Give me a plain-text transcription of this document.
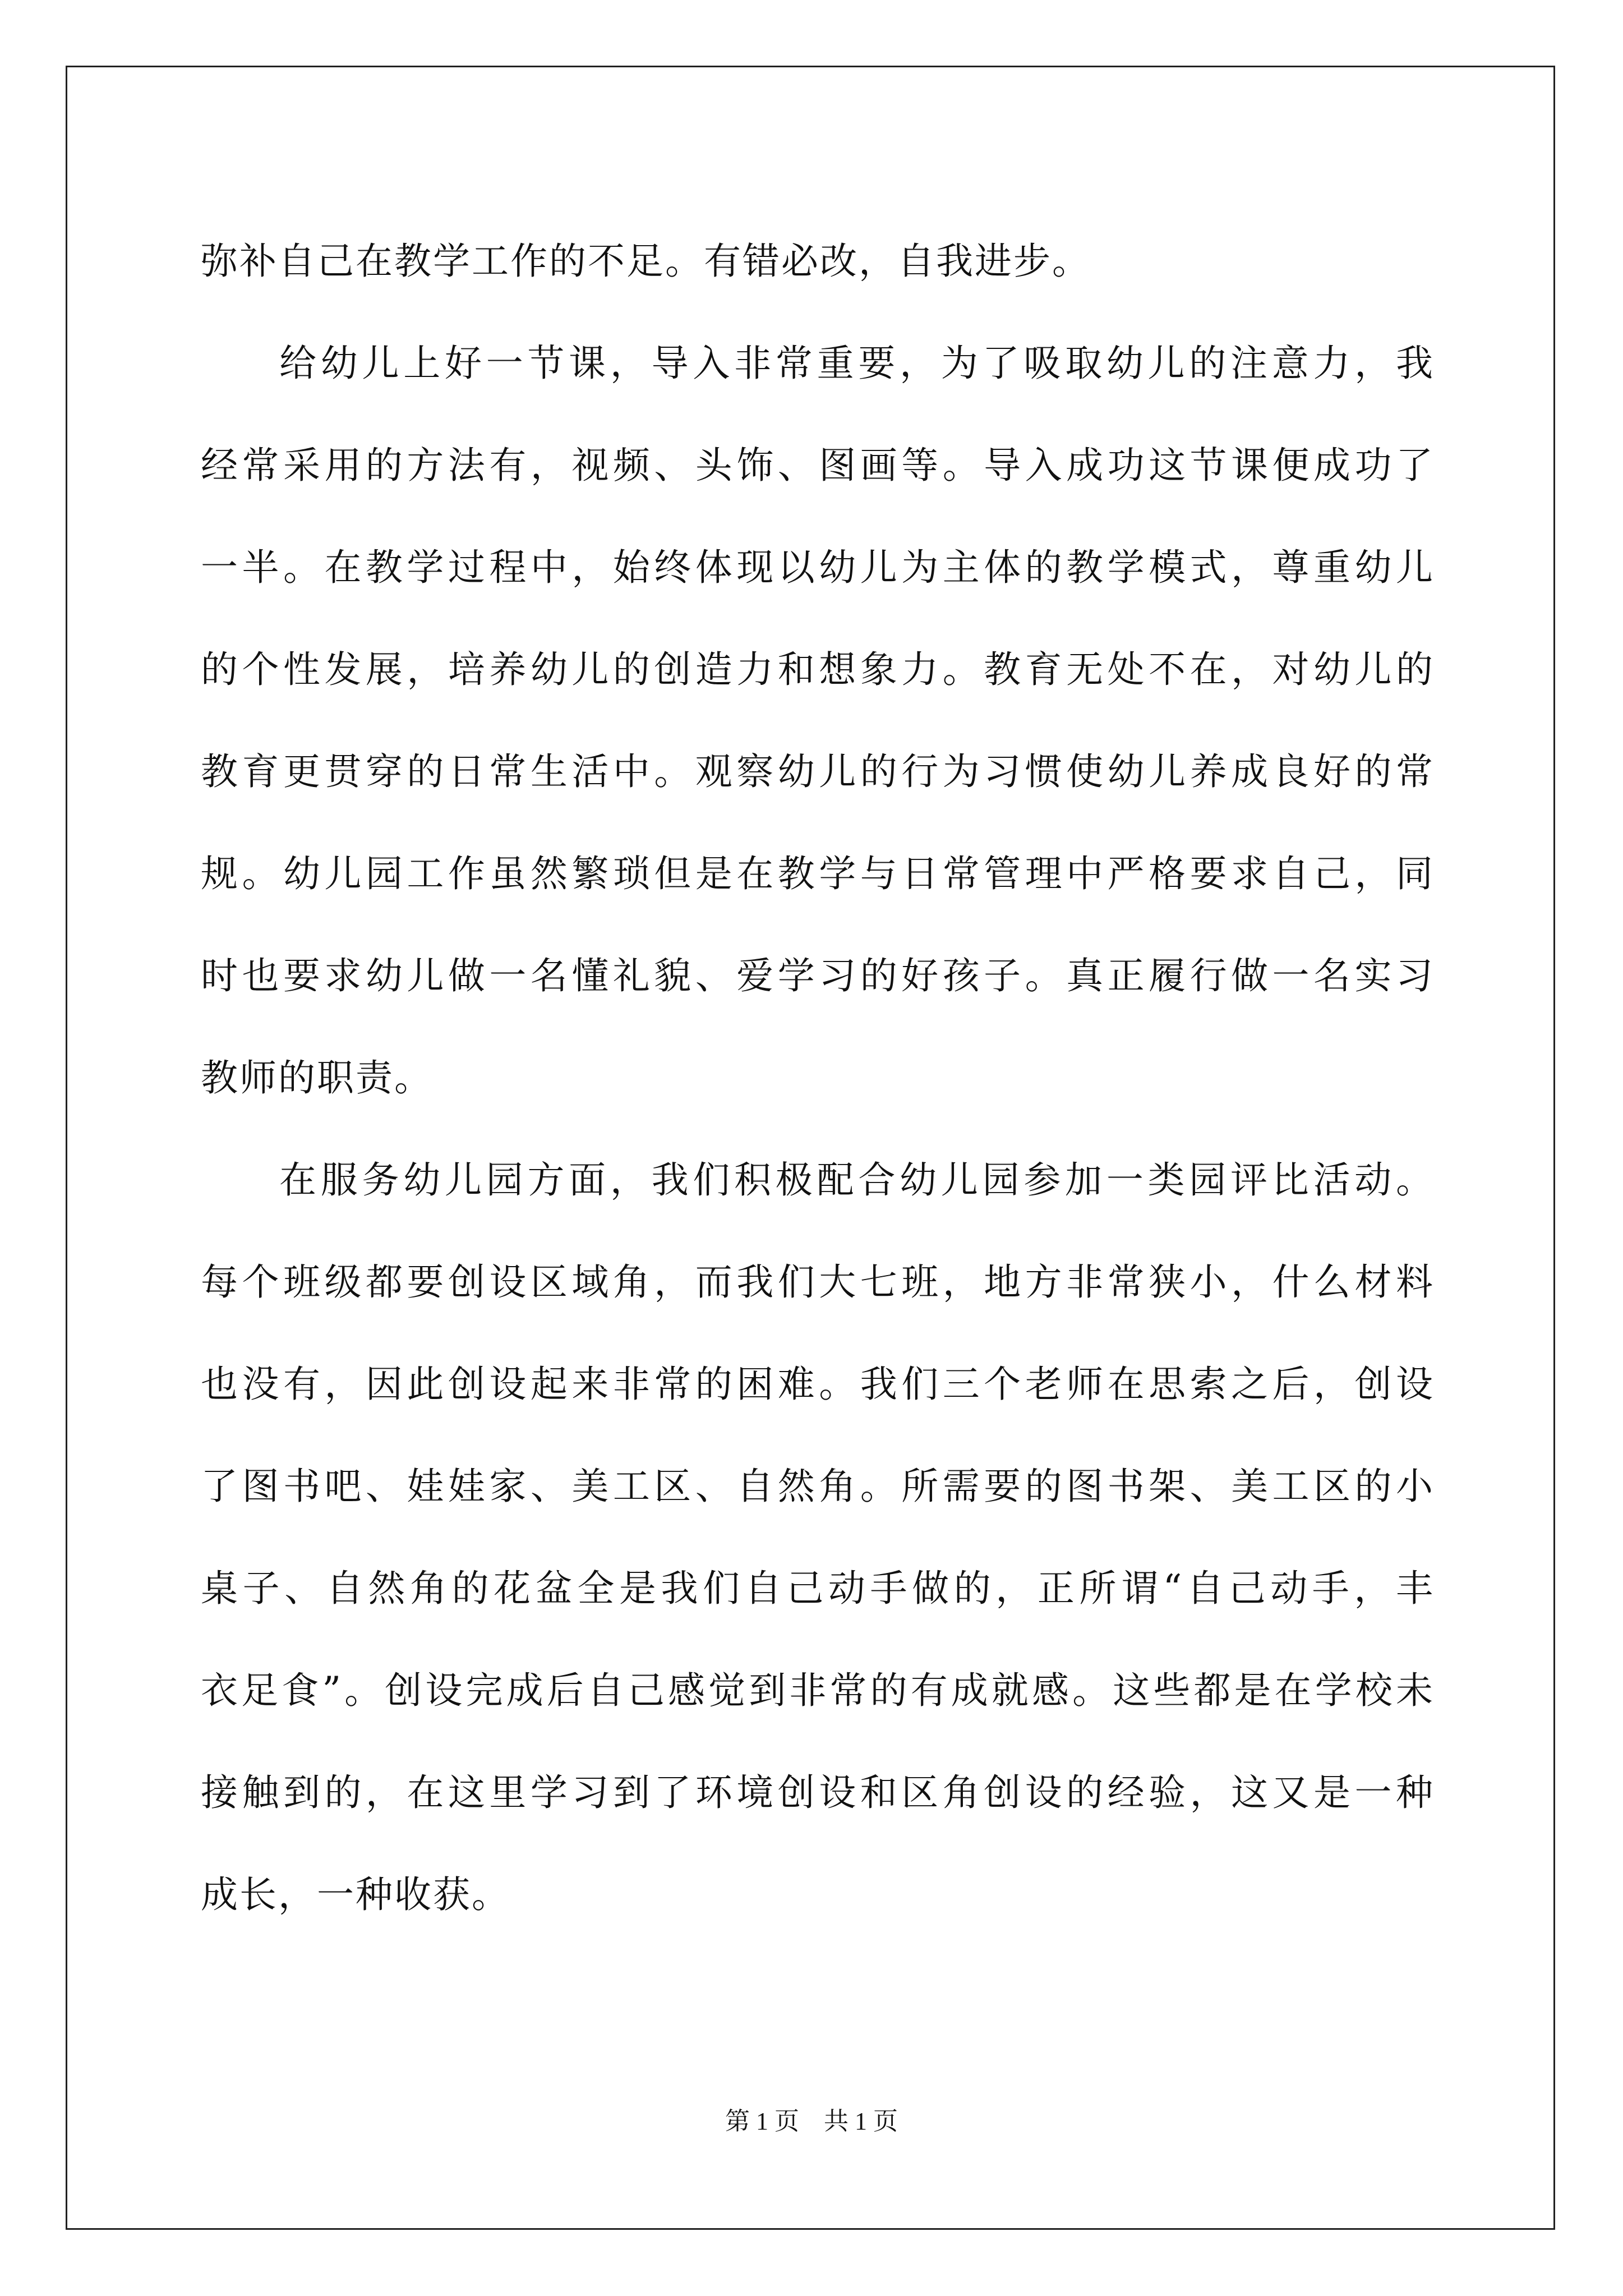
弥补自己在教学工作的不足。有错必改，自我进步。
给幼儿上好一节课，导入非常重要，为了吸取幼儿的注意力，我
经常采用的方法有，视频、头饰、图画等。导入成功这节课便成功了
一半。在教学过程中，始终体现以幼儿为主体的教学模式，尊重幼儿
的个性发展，培养幼儿的创造力和想象力。教育无处不在，对幼儿的
教育更贯穿的日常生活中。观察幼儿的行为习惯使幼儿养成良好的常
规。幼儿园工作虽然繁琐但是在教学与日常管理中严格要求自己，同
时也要求幼儿做一名懂礼貌、爱学习的好孩子。真正履行做一名实习
教师的职责。
在服务幼儿园方面，我们积极配合幼儿园参加一类园评比活动。
每个班级都要创设区域角，而我们大七班，地方非常狭小，什么材料
也没有，因此创设起来非常的困难。我们三个老师在思索之后，创设
了图书吧、娃娃家、美工区、自然角。所需要的图书架、美工区的小
桌子、自然角的花盆全是我们自己动手做的，正所谓“自己动手，丰
衣足食”。创设完成后自己感觉到非常的有成就感。这些都是在学校未
接触到的，在这里学习到了环境创设和区角创设的经验，这又是一种
成长，一种收获。
第 1 页　共 1 页
